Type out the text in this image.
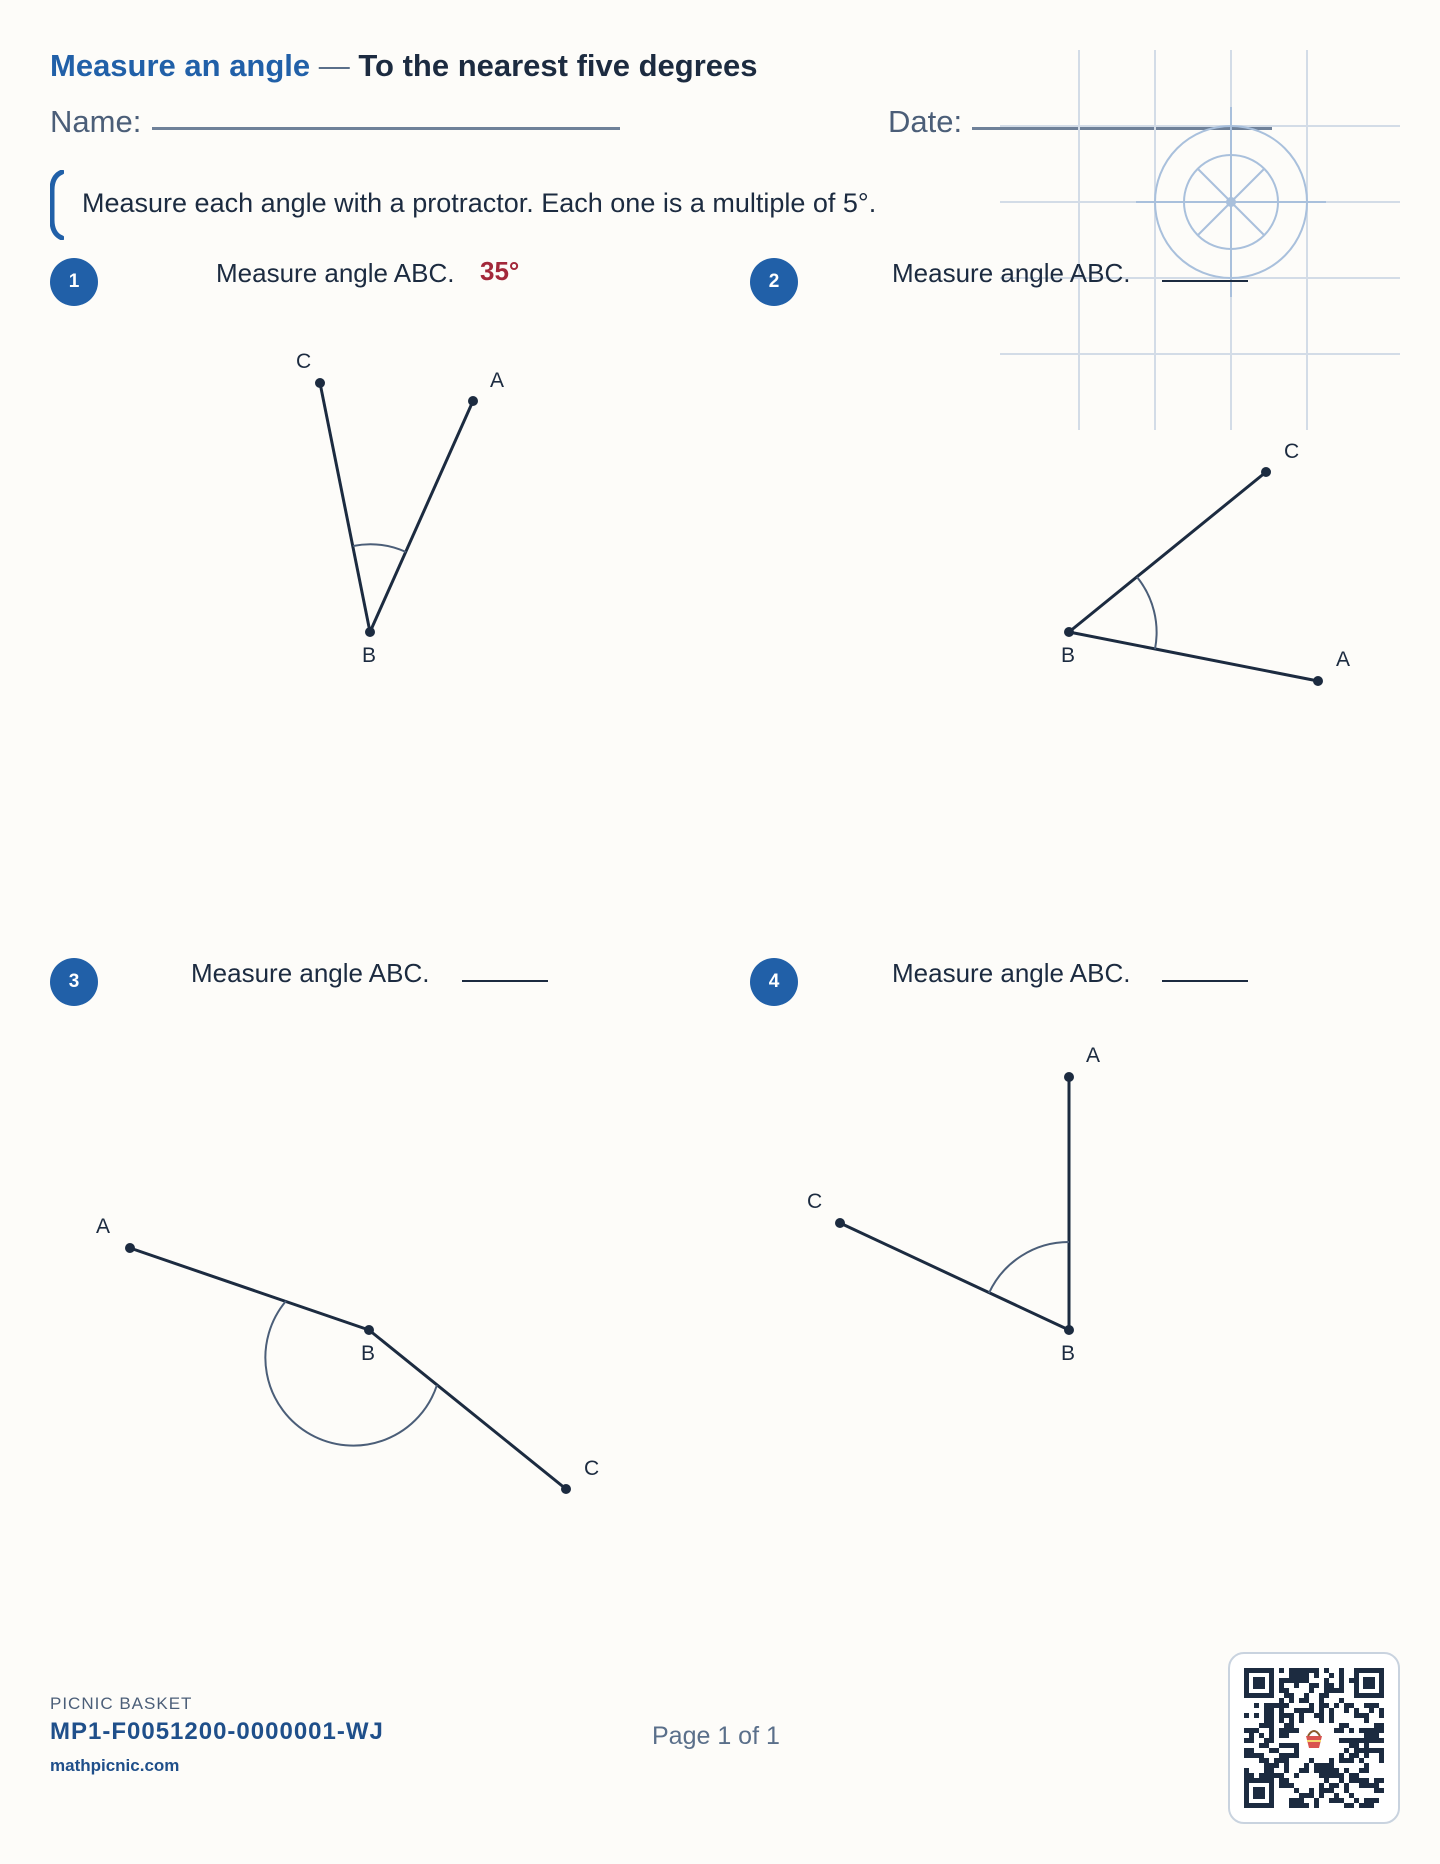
Measure an angle — To the nearest five degrees
Name:	Date:
Measure each angle with a protractor. Each one is a multiple of 5°.
1	Measure angle ABC. 35°	2	Measure angle ABC.
3	Measure angle ABC.	4	Measure angle ABC.
C
A
B
C
A
B
A
C
B
A
C
B
PICNIC BASKET
MP1-F0051200-0000001-WJ
mathpicnic.com
Page 1 of 1
